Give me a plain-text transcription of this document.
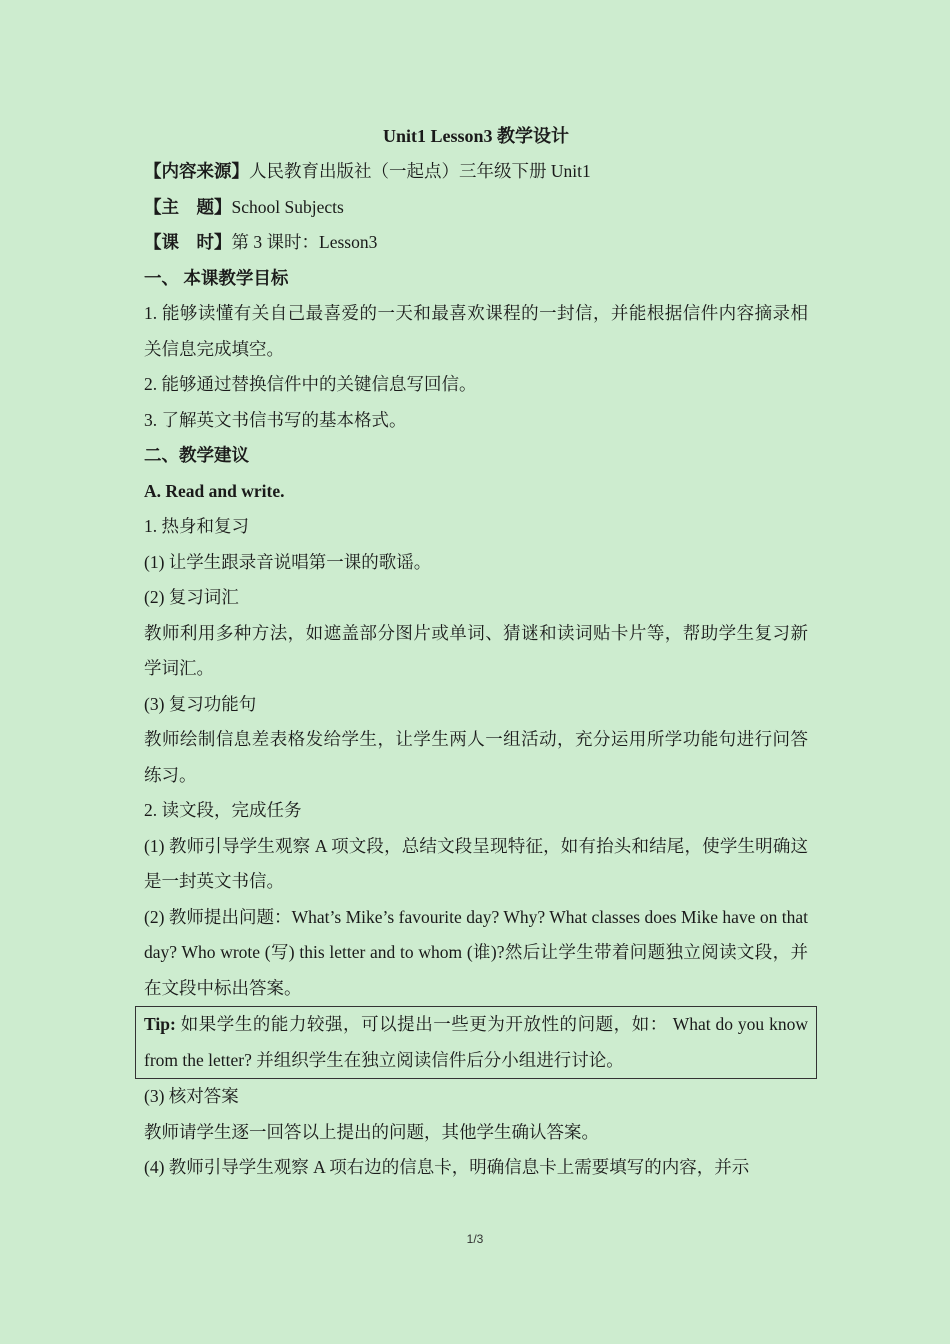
Unit1 Lesson3 教学设计
【内容来源】人民教育出版社（一起点）三年级下册 Unit1
【主　题】School Subjects
【课　时】第 3 课时：Lesson3
一、 本课教学目标
1. 能够读懂有关自己最喜爱的一天和最喜欢课程的一封信，并能根据信件内容摘录相关信息完成填空。
2. 能够通过替换信件中的关键信息写回信。
3. 了解英文书信书写的基本格式。
二、教学建议
A. Read and write.
1. 热身和复习
(1) 让学生跟录音说唱第一课的歌谣。
(2) 复习词汇
教师利用多种方法，如遮盖部分图片或单词、猜谜和读词贴卡片等，帮助学生复习新学词汇。
(3) 复习功能句
教师绘制信息差表格发给学生，让学生两人一组活动，充分运用所学功能句进行问答练习。
2. 读文段，完成任务
(1) 教师引导学生观察 A 项文段，总结文段呈现特征，如有抬头和结尾，使学生明确这是一封英文书信。
(2) 教师提出问题：What’s Mike’s favourite day? Why? What classes does Mike have on that day? Who wrote (写) this letter and to whom (谁)?然后让学生带着问题独立阅读文段，并在文段中标出答案。
Tip: 如果学生的能力较强，可以提出一些更为开放性的问题，如： What do you know from the letter? 并组织学生在独立阅读信件后分小组进行讨论。
(3) 核对答案
教师请学生逐一回答以上提出的问题，其他学生确认答案。
(4) 教师引导学生观察 A 项右边的信息卡，明确信息卡上需要填写的内容，并示
1/3
